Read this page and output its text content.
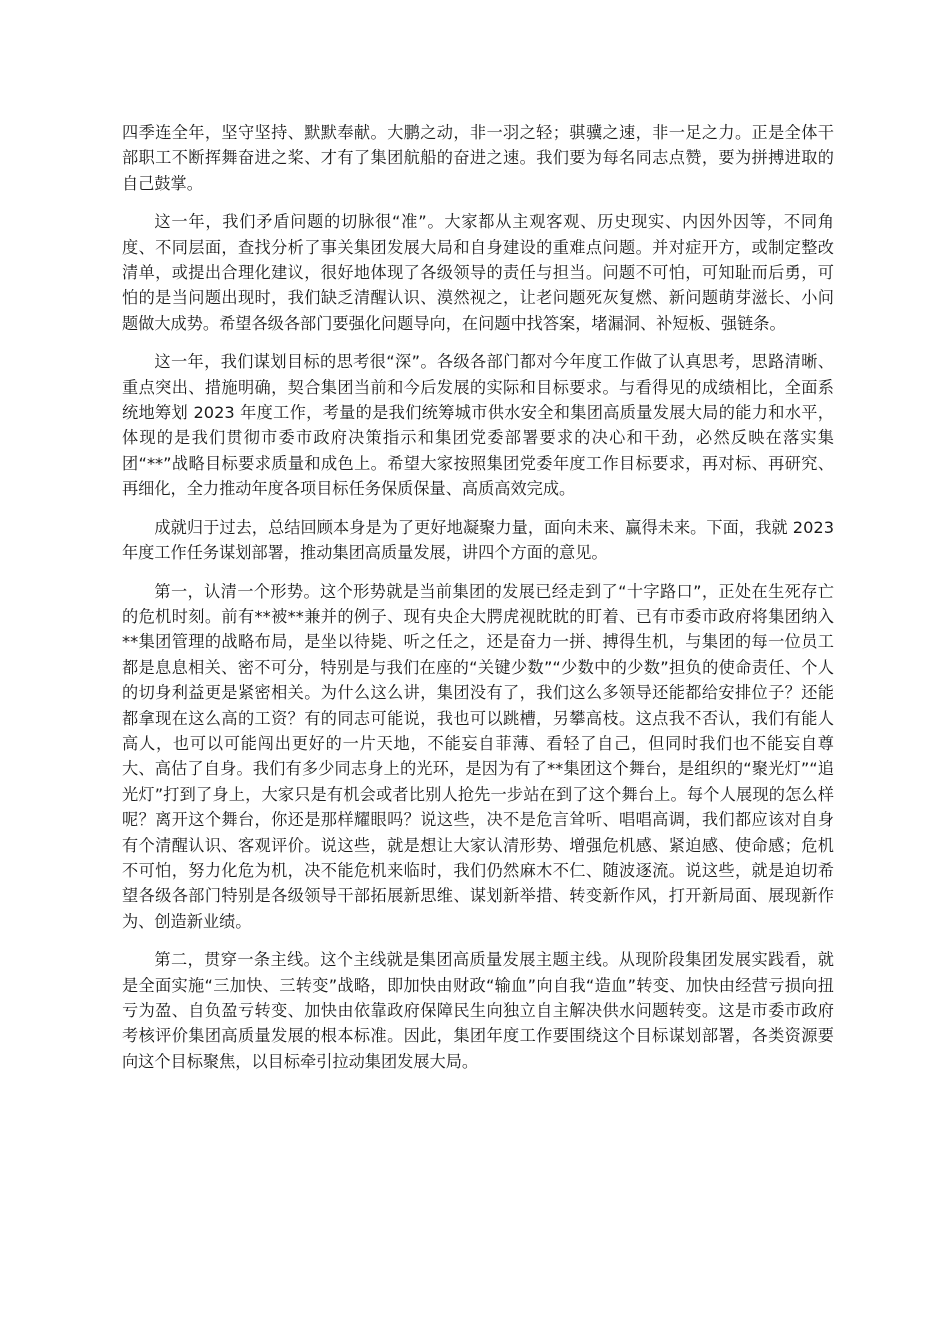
四季连全年，坚守坚持、默默奉献。大鹏之动，非一羽之轻；骐骥之速，非一足之力。正是全体干部职工不断挥舞奋进之桨、才有了集团航船的奋进之速。我们要为每名同志点赞，要为拼搏进取的自己鼓掌。

这一年，我们矛盾问题的切脉很“准”。大家都从主观客观、历史现实、内因外因等，不同角度、不同层面，查找分析了事关集团发展大局和自身建设的重难点问题。并对症开方，或制定整改清单，或提出合理化建议，很好地体现了各级领导的责任与担当。问题不可怕，可知耻而后勇，可怕的是当问题出现时，我们缺乏清醒认识、漠然视之，让老问题死灰复燃、新问题萌芽滋长、小问题做大成势。希望各级各部门要强化问题导向，在问题中找答案，堵漏洞、补短板、强链条。

这一年，我们谋划目标的思考很“深”。各级各部门都对今年度工作做了认真思考，思路清晰、重点突出、措施明确，契合集团当前和今后发展的实际和目标要求。与看得见的成绩相比，全面系统地筹划 2023 年度工作，考量的是我们统筹城市供水安全和集团高质量发展大局的能力和水平，体现的是我们贯彻市委市政府决策指示和集团党委部署要求的决心和干劲，必然反映在落实集团“**”战略目标要求质量和成色上。希望大家按照集团党委年度工作目标要求，再对标、再研究、再细化，全力推动年度各项目标任务保质保量、高质高效完成。

成就归于过去，总结回顾本身是为了更好地凝聚力量，面向未来、赢得未来。下面，我就 2023 年度工作任务谋划部署，推动集团高质量发展，讲四个方面的意见。

第一，认清一个形势。这个形势就是当前集团的发展已经走到了“十字路口”，正处在生死存亡的危机时刻。前有**被**兼并的例子、现有央企大腭虎视眈眈的盯着、已有市委市政府将集团纳入**集团管理的战略布局，是坐以待毙、听之任之，还是奋力一拼、搏得生机，与集团的每一位员工都是息息相关、密不可分，特别是与我们在座的“关键少数”“少数中的少数”担负的使命责任、个人的切身利益更是紧密相关。为什么这么讲，集团没有了，我们这么多领导还能都给安排位子？还能都拿现在这么高的工资？有的同志可能说，我也可以跳槽，另攀高枝。这点我不否认，我们有能人高人，也可以可能闯出更好的一片天地，不能妄自菲薄、看轻了自己，但同时我们也不能妄自尊大、高估了自身。我们有多少同志身上的光环，是因为有了**集团这个舞台，是组织的“聚光灯”“追光灯”打到了身上，大家只是有机会或者比别人抢先一步站在到了这个舞台上。每个人展现的怎么样呢？离开这个舞台，你还是那样耀眼吗？说这些，决不是危言耸听、唱唱高调，我们都应该对自身有个清醒认识、客观评价。说这些，就是想让大家认清形势、增强危机感、紧迫感、使命感；危机不可怕，努力化危为机，决不能危机来临时，我们仍然麻木不仁、随波逐流。说这些，就是迫切希望各级各部门特别是各级领导干部拓展新思维、谋划新举措、转变新作风，打开新局面、展现新作为、创造新业绩。

第二，贯穿一条主线。这个主线就是集团高质量发展主题主线。从现阶段集团发展实践看，就是全面实施“三加快、三转变”战略，即加快由财政“输血”向自我“造血”转变、加快由经营亏损向扭亏为盈、自负盈亏转变、加快由依靠政府保障民生向独立自主解决供水问题转变。这是市委市政府考核评价集团高质量发展的根本标准。因此，集团年度工作要围绕这个目标谋划部署，各类资源要向这个目标聚焦，以目标牵引拉动集团发展大局。
